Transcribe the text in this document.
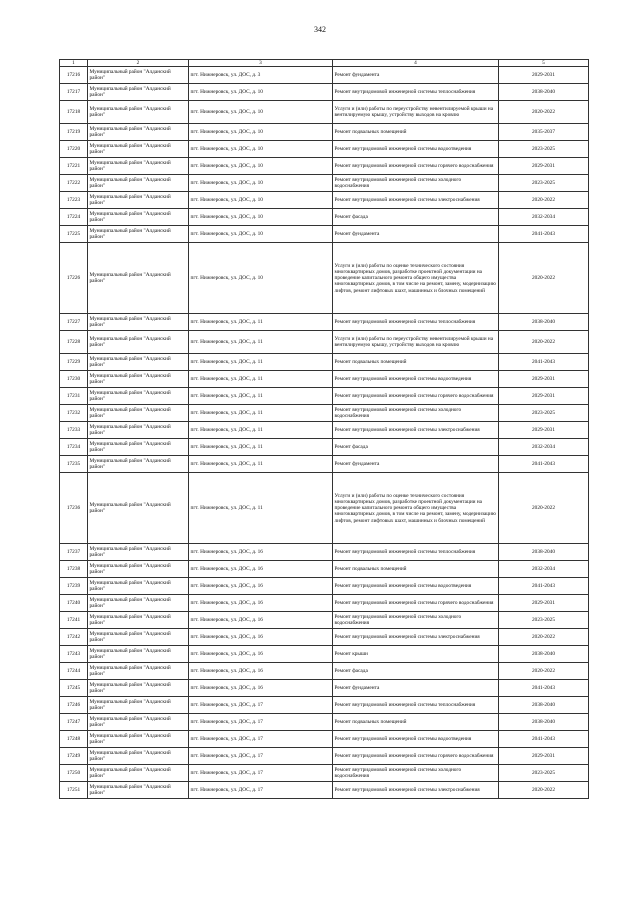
342
1	2	3	4	5
17216	Муниципальный район "Алданский район"	пгт. Нижнеровск, ул. ДОС, д. 3	Ремонт фундамента	2029-2031
17217	Муниципальный район "Алданский район"	пгт. Нижнеровск, ул. ДОС, д. 10	Ремонт внутридомовой инженерной системы теплоснабжения	2038-2040
17218	Муниципальный район "Алданский район"	пгт. Нижнеровск, ул. ДОС, д. 10	Услуги и (или) работы по переустройству невентилируемой крыши на вентилируемую крышу, устройству выходов на кровлю	2020-2022
17219	Муниципальный район "Алданский район"	пгт. Нижнеровск, ул. ДОС, д. 10	Ремонт подвальных помещений	2035-2037
17220	Муниципальный район "Алданский район"	пгт. Нижнеровск, ул. ДОС, д. 10	Ремонт внутридомовой инженерной системы водоотведения	2023-2025
17221	Муниципальный район "Алданский район"	пгт. Нижнеровск, ул. ДОС, д. 10	Ремонт внутридомовой инженерной системы горячего водоснабжения	2029-2031
17222	Муниципальный район "Алданский район"	пгт. Нижнеровск, ул. ДОС, д. 10	Ремонт внутридомовой инженерной системы холодного водоснабжения	2023-2025
17223	Муниципальный район "Алданский район"	пгт. Нижнеровск, ул. ДОС, д. 10	Ремонт внутридомовой инженерной системы электроснабжения	2020-2022
17224	Муниципальный район "Алданский район"	пгт. Нижнеровск, ул. ДОС, д. 10	Ремонт фасада	2032-2034
17225	Муниципальный район "Алданский район"	пгт. Нижнеровск, ул. ДОС, д. 10	Ремонт фундамента	2041-2043
17226	Муниципальный район "Алданский район"	пгт. Нижнеровск, ул. ДОС, д. 10	Услуги и (или) работы по оценке технического состояния многоквартирных домов, разработке проектной документации на проведение капитального ремонта общего имущества многоквартирных домов, в том числе на ремонт, замену, модернизацию лифтов, ремонт лифтовых шахт, машинных и блочных помещений	2020-2022
17227	Муниципальный район "Алданский район"	пгт. Нижнеровск, ул. ДОС, д. 11	Ремонт внутридомовой инженерной системы теплоснабжения	2038-2040
17228	Муниципальный район "Алданский район"	пгт. Нижнеровск, ул. ДОС, д. 11	Услуги и (или) работы по переустройству невентилируемой крыши на вентилируемую крышу, устройству выходов на кровлю	2020-2022
17229	Муниципальный район "Алданский район"	пгт. Нижнеровск, ул. ДОС, д. 11	Ремонт подвальных помещений	2041-2043
17230	Муниципальный район "Алданский район"	пгт. Нижнеровск, ул. ДОС, д. 11	Ремонт внутридомовой инженерной системы водоотведения	2029-2031
17231	Муниципальный район "Алданский район"	пгт. Нижнеровск, ул. ДОС, д. 11	Ремонт внутридомовой инженерной системы горячего водоснабжения	2029-2031
17232	Муниципальный район "Алданский район"	пгт. Нижнеровск, ул. ДОС, д. 11	Ремонт внутридомовой инженерной системы холодного водоснабжения	2023-2025
17233	Муниципальный район "Алданский район"	пгт. Нижнеровск, ул. ДОС, д. 11	Ремонт внутридомовой инженерной системы электроснабжения	2029-2031
17234	Муниципальный район "Алданский район"	пгт. Нижнеровск, ул. ДОС, д. 11	Ремонт фасада	2032-2034
17235	Муниципальный район "Алданский район"	пгт. Нижнеровск, ул. ДОС, д. 11	Ремонт фундамента	2041-2043
17236	Муниципальный район "Алданский район"	пгт. Нижнеровск, ул. ДОС, д. 11	Услуги и (или) работы по оценке технического состояния многоквартирных домов, разработке проектной документации на проведение капитального ремонта общего имущества многоквартирных домов, в том числе на ремонт, замену, модернизацию лифтов, ремонт лифтовых шахт, машинных и блочных помещений	2020-2022
17237	Муниципальный район "Алданский район"	пгт. Нижнеровск, ул. ДОС, д. 16	Ремонт внутридомовой инженерной системы теплоснабжения	2038-2040
17238	Муниципальный район "Алданский район"	пгт. Нижнеровск, ул. ДОС, д. 16	Ремонт подвальных помещений	2032-2034
17239	Муниципальный район "Алданский район"	пгт. Нижнеровск, ул. ДОС, д. 16	Ремонт внутридомовой инженерной системы водоотведения	2041-2043
17240	Муниципальный район "Алданский район"	пгт. Нижнеровск, ул. ДОС, д. 16	Ремонт внутридомовой инженерной системы горячего водоснабжения	2029-2031
17241	Муниципальный район "Алданский район"	пгт. Нижнеровск, ул. ДОС, д. 16	Ремонт внутридомовой инженерной системы холодного водоснабжения	2023-2025
17242	Муниципальный район "Алданский район"	пгт. Нижнеровск, ул. ДОС, д. 16	Ремонт внутридомовой инженерной системы электроснабжения	2020-2022
17243	Муниципальный район "Алданский район"	пгт. Нижнеровск, ул. ДОС, д. 16	Ремонт крыши	2038-2040
17244	Муниципальный район "Алданский район"	пгт. Нижнеровск, ул. ДОС, д. 16	Ремонт фасада	2020-2022
17245	Муниципальный район "Алданский район"	пгт. Нижнеровск, ул. ДОС, д. 16	Ремонт фундамента	2041-2043
17246	Муниципальный район "Алданский район"	пгт. Нижнеровск, ул. ДОС, д. 17	Ремонт внутридомовой инженерной системы теплоснабжения	2038-2040
17247	Муниципальный район "Алданский район"	пгт. Нижнеровск, ул. ДОС, д. 17	Ремонт подвальных помещений	2038-2040
17248	Муниципальный район "Алданский район"	пгт. Нижнеровск, ул. ДОС, д. 17	Ремонт внутридомовой инженерной системы водоотведения	2041-2043
17249	Муниципальный район "Алданский район"	пгт. Нижнеровск, ул. ДОС, д. 17	Ремонт внутридомовой инженерной системы горячего водоснабжения	2029-2031
17250	Муниципальный район "Алданский район"	пгт. Нижнеровск, ул. ДОС, д. 17	Ремонт внутридомовой инженерной системы холодного водоснабжения	2023-2025
17251	Муниципальный район "Алданский район"	пгт. Нижнеровск, ул. ДОС, д. 17	Ремонт внутридомовой инженерной системы электроснабжения	2020-2022
